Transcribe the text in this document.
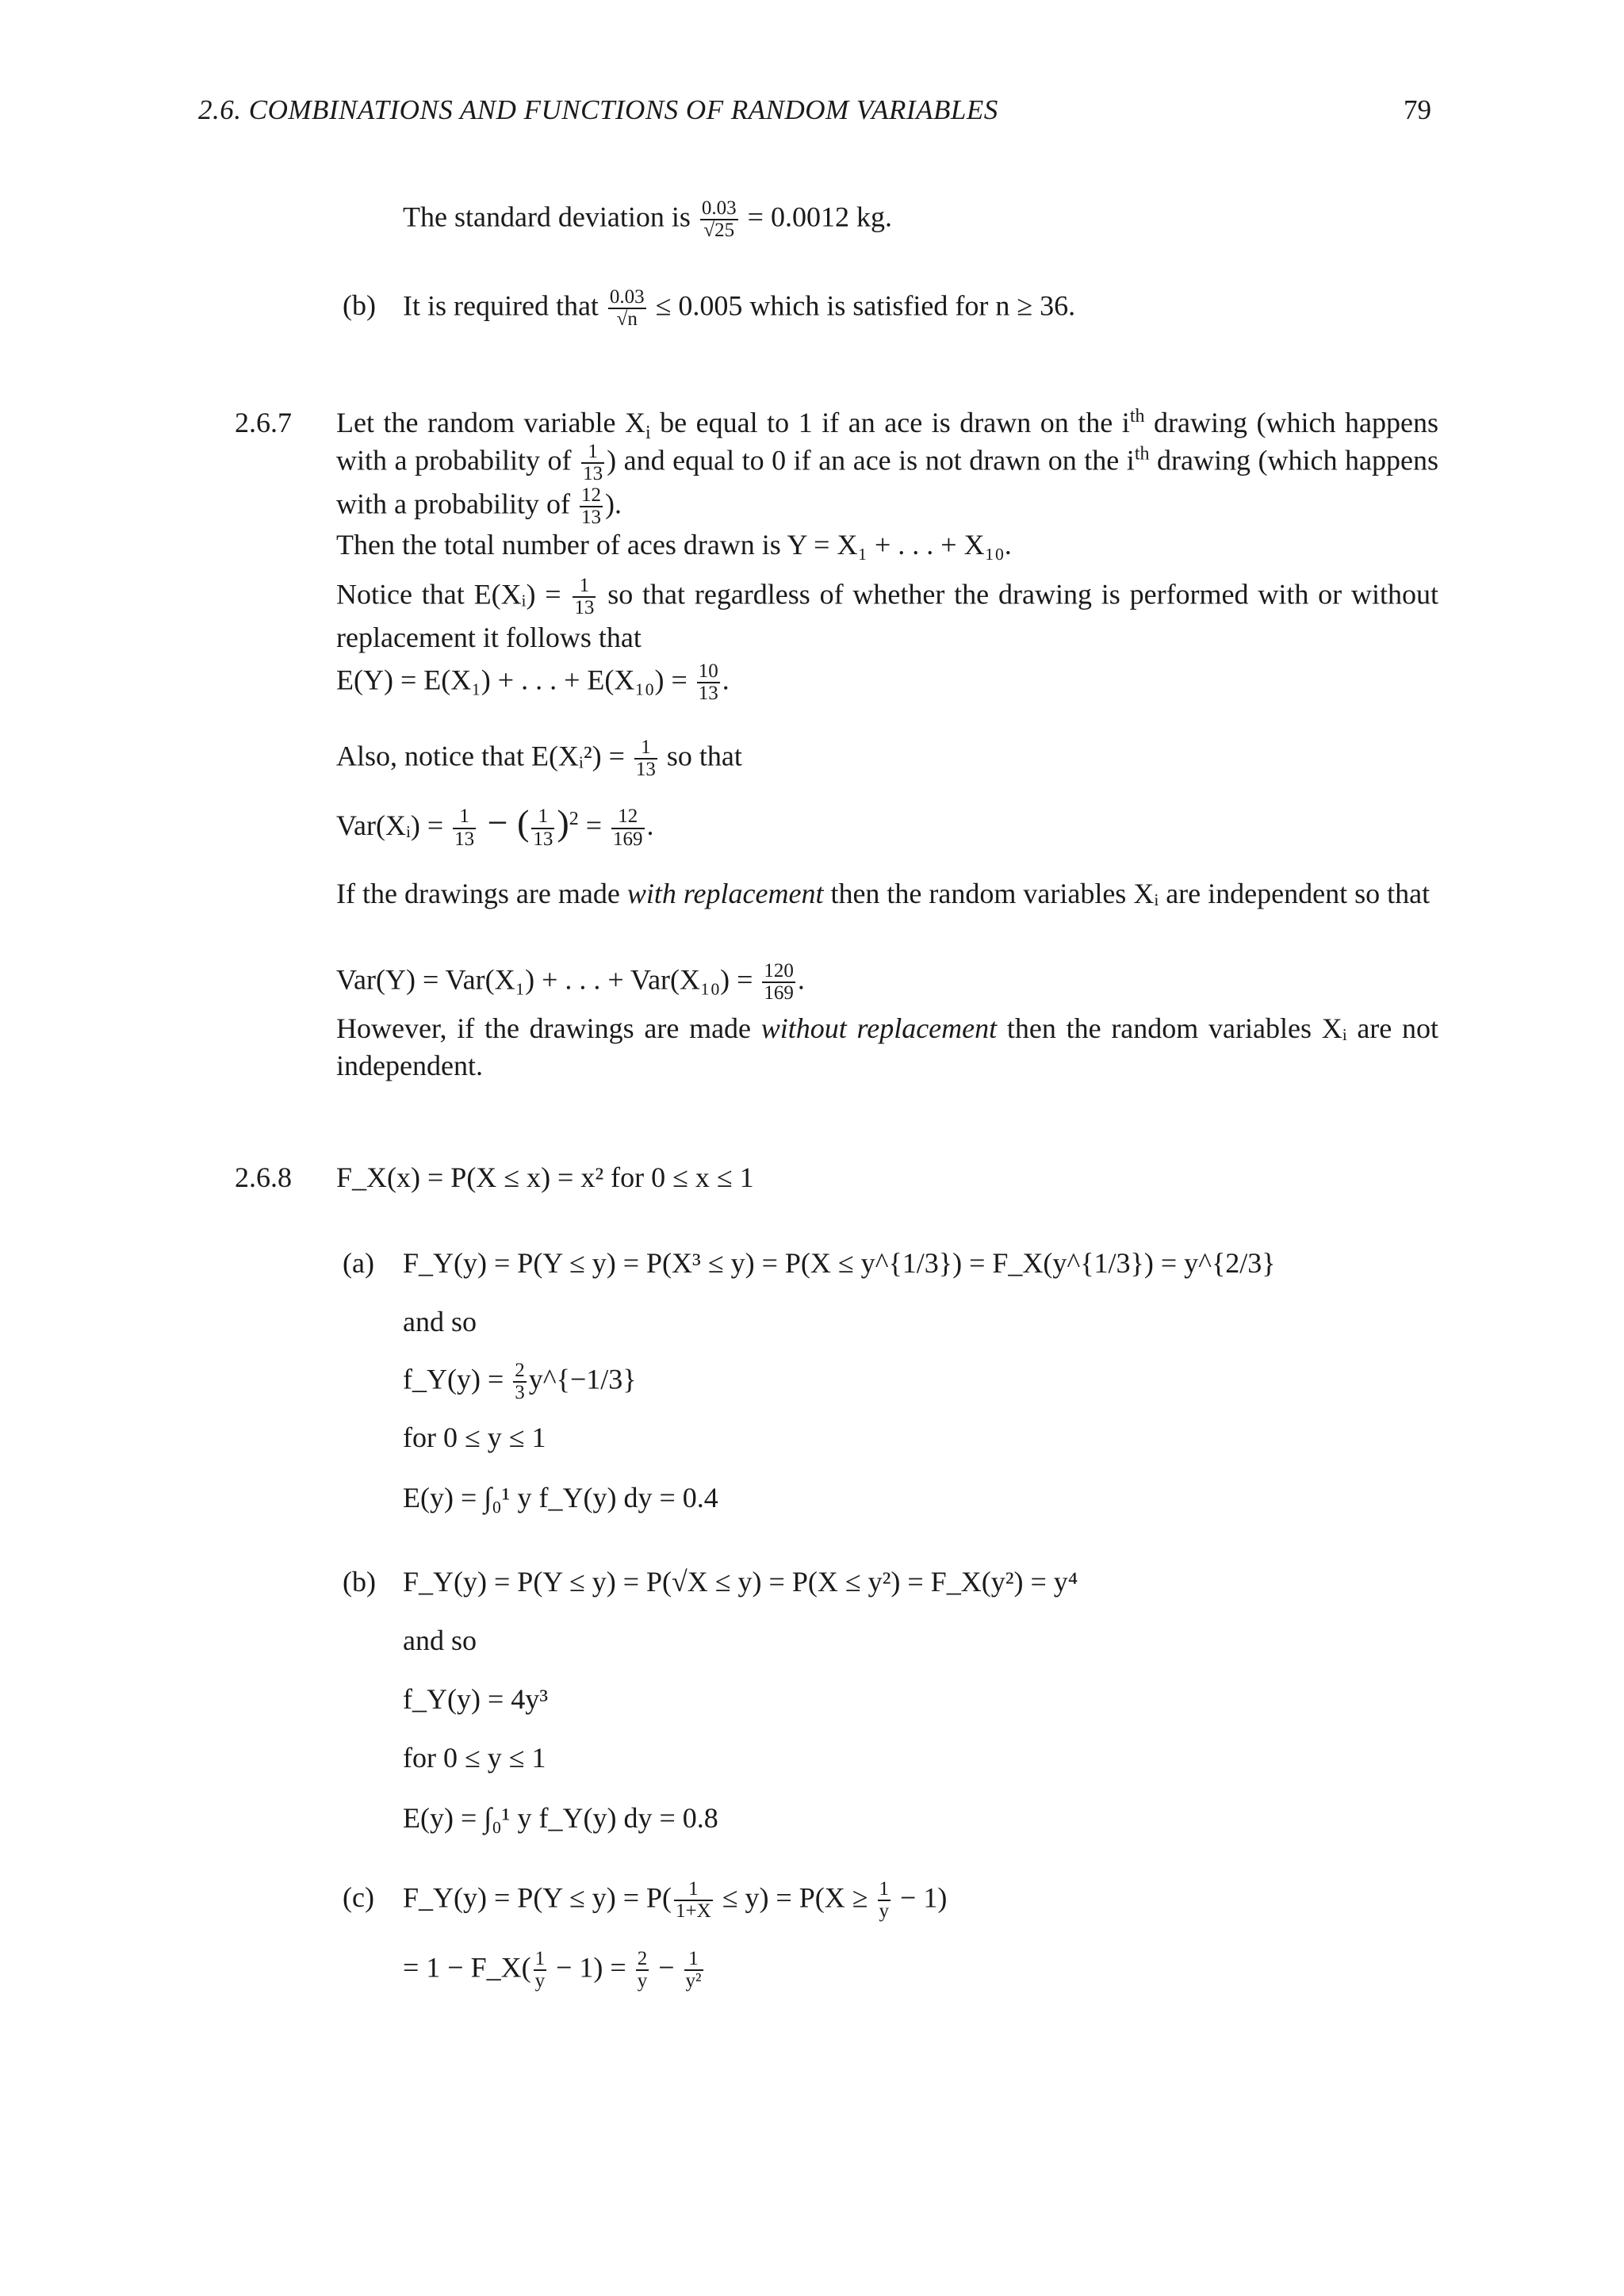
2.6. COMBINATIONS AND FUNCTIONS OF RANDOM VARIABLES	79
The standard deviation is $\frac{0.03}{√25} = 0.0012$ kg.
(b) It is required that $\frac{0.03}{√n} \le 0.005$ which is satisfied for n ≥ 36.
2.6.7 Let the random variable $X_i$ be equal to 1 if an ace is drawn on the $i^{th}$ drawing (which happens with a probability of $\frac{1}{13}$ ) and equal to 0 if an ace is not drawn on the $i^{th}$ drawing (which happens with a probability of $\frac{12}{13}$ ).
Then the total number of aces drawn is Y = X₁ + . . . + X₁₀.
Notice that E(Xᵢ) = $\frac{1}{13}$ so that regardless of whether the drawing is performed with or without replacement it follows that
E(Y) = E(X₁) + . . . + $E(X_{10}) = \frac{10}{13}$ .
Also, notice that E(Xᵢ²) = $\frac{1}{13}$ so that
Var(Xᵢ) = $\frac{1}{13}$ − ( $\frac{1}{13} )^2 = \frac{12}{169}$ .
If the drawings are made with replacement then the random variables Xᵢ are independent so that
Var(Y) = Var(X₁) + . . . + $Var(X_{10}) = \frac{120}{169}$ .
However, if the drawings are made without replacement then the random variables Xᵢ are not independent.
2.6.8 F_X(x) = P(X ≤ x) = x² for 0 ≤ x ≤ 1
(a) F_Y(y) = P(Y ≤ y) = P(X³ ≤ y) = P(X ≤ y^{1/3}) = F_X(y^{1/3}) = y^{2/3}
and so
f_Y(y) = $\frac{2}{3}$ y^{−1/3}
for 0 ≤ y ≤ 1
E(y) = ∫₀¹ y f_Y(y) dy = 0.4
(b) F_Y(y) = P(Y ≤ y) = P(√X ≤ y) = P(X ≤ y²) = F_X(y²) = y⁴
and so
f_Y(y) = 4y³
for 0 ≤ y ≤ 1
E(y) = ∫₀¹ y f_Y(y) dy = 0.8
(c) F_Y(y) = $P(Y \le y) = P( \frac{1}{1+X} \le y) = P(X \ge \frac{1}{y} - 1)$
= 1 − F_X( $\frac{1}{y} - 1) = \frac{2}{y} - \frac{1}{\text{y²}}$
